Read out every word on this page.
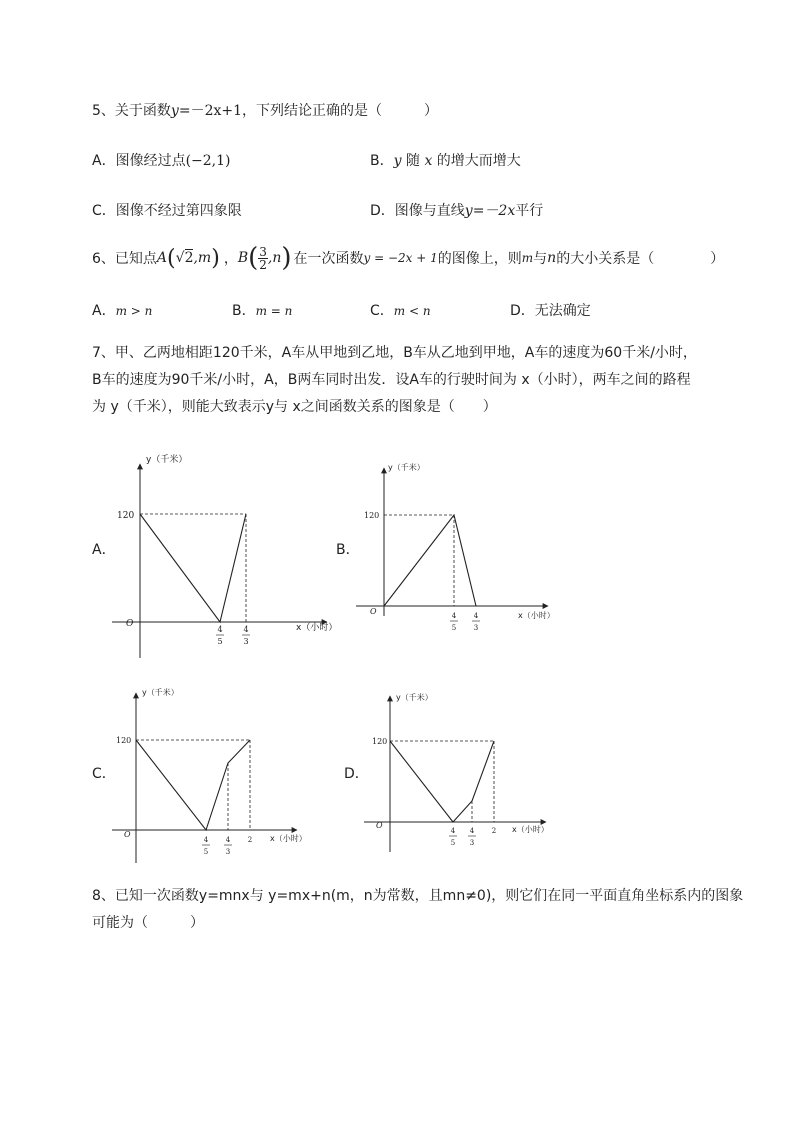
5、关于函数y=－2x+1，下列结论正确的是（　　　）
A．图像经过点(−2,1)	B．y 随 x 的增大而增大
C．图像不经过第四象限	D．图像与直线y=－2x平行
6、已知点 A ( √2 ,m ) ， B ( $\frac{3}{2} ,n$ ) 在一次函数 y = −2x + 1 的图像上，则 m 与 n 的大小关系是（　　　　）
A．m > n	B．m = n	C．m < n	D．无法确定
7、甲、乙两地相距120千米，A车从甲地到乙地，B车从乙地到甲地，A车的速度为60千米/小时，
B车的速度为90千米/小时，A，B两车同时出发．设A车的行驶时间为 x（小时），两车之间的路程
为 y（千米），则能大致表示y与 x之间函数关系的图象是（　　）
A．
y（千米）
x（小时）
O
120
4
5
4
3
B．
y（千米）
x（小时）
O
120
4
5
4
3
C．
y（千米）
x（小时）
O
120
4
5
4
3
2
D．
y（千米）
x（小时）
O
120
4
5
4
3
2
8、已知一次函数y=mnx与 y=mx+n(m，n为常数，且mn≠0)，则它们在同一平面直角坐标系内的图象
可能为（　　　）
